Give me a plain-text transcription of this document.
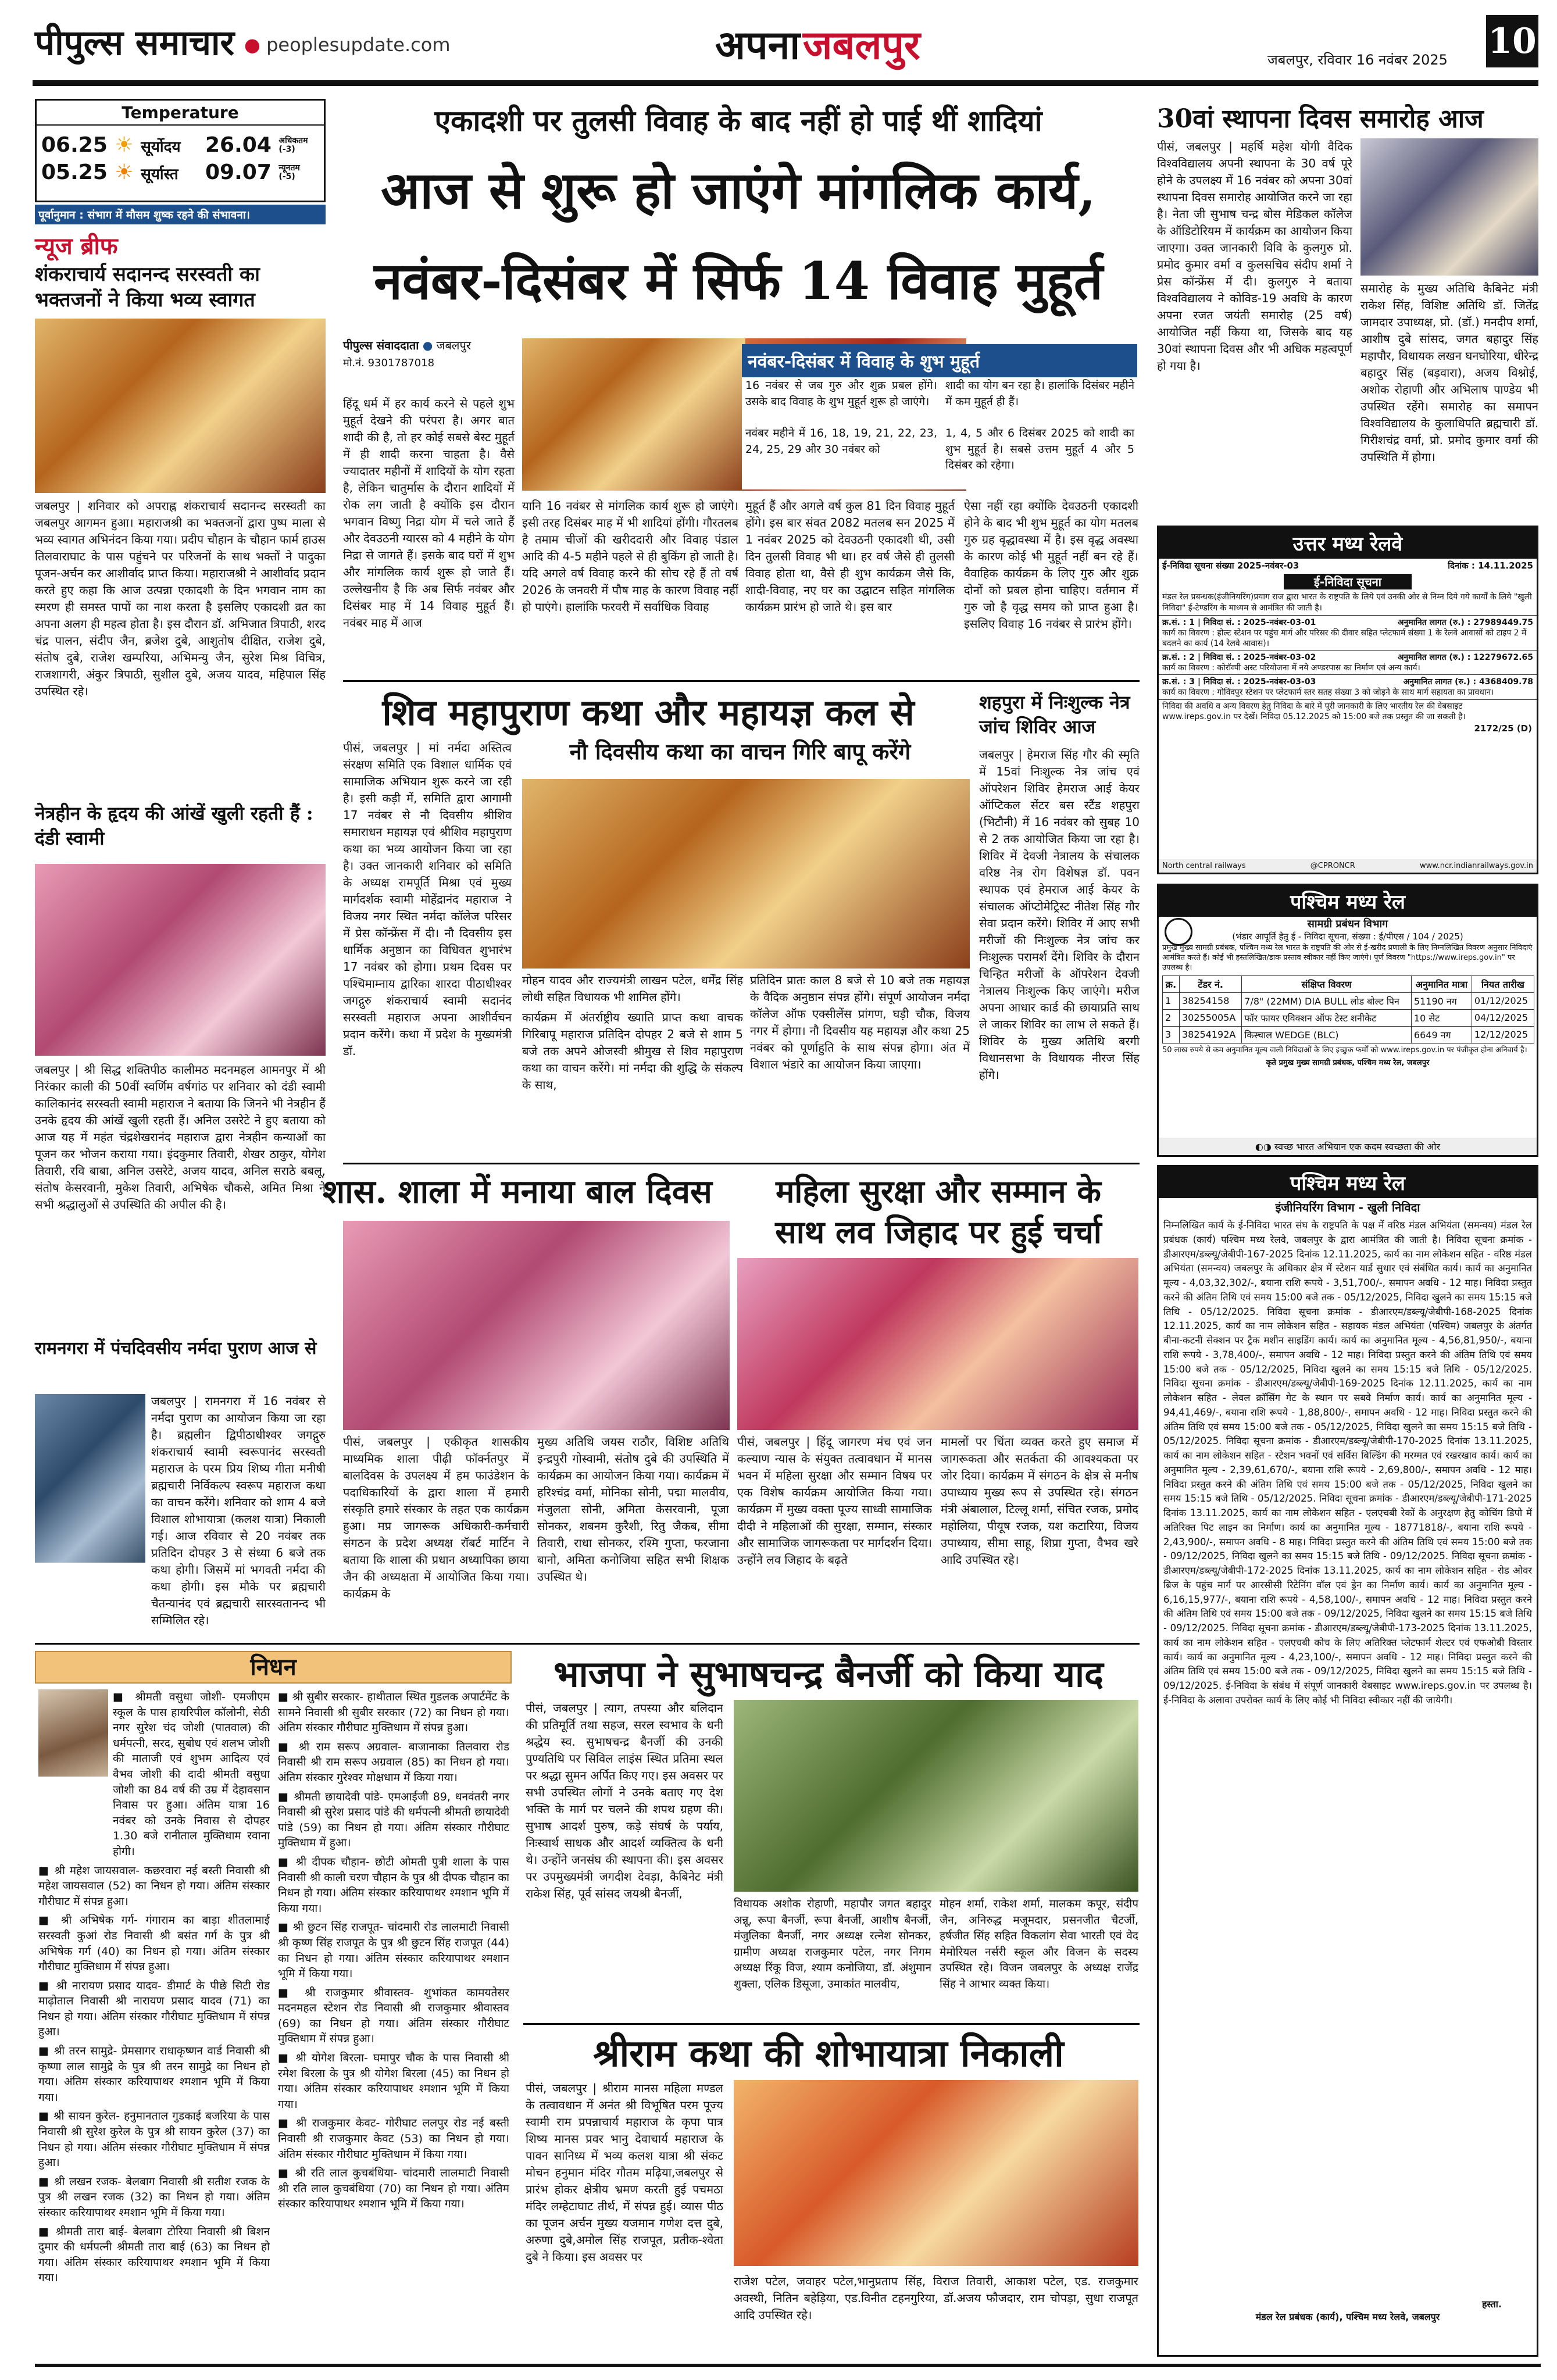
पीपुल्स समाचार ● peoplesupdate.com	अपना जबलपुर	जबलपुर, रविवार 16 नवंबर 2025 10
Temperature
06.25 ☀ सूर्योदय
05.25 ☀ सूर्यास्त
26.04 अधिकतम
(-3)
09.07 न्यूनतम
(-5)
पूर्वानुमान : संभाग में मौसम शुष्क रहने की संभावना।
न्यूज ब्रीफ
शंकराचार्य सदानन्द सरस्वती का भक्तजनों ने किया भव्य स्वागत
जबलपुर | शनिवार को अपराह्न शंकराचार्य सदानन्द सरस्वती का जबलपुर आगमन हुआ। महाराजश्री का भक्तजनों द्वारा पुष्प माला से भव्य स्वागत अभिनंदन किया गया। प्रदीप चौहान के चौहान फार्म हाउस तिलवाराघाट के पास पहुंचने पर परिजनों के साथ भक्तों ने पादुका पूजन-अर्चन कर आशीर्वाद प्राप्त किया। महाराजश्री ने आशीर्वाद प्रदान करते हुए कहा कि आज उत्पन्ना एकादशी के दिन भगवान नाम का स्मरण ही समस्त पापों का नाश करता है इसलिए एकादशी व्रत का अपना अलग ही महत्व होता है। इस दौरान डॉ. अभिजात त्रिपाठी, शरद चंद्र पालन, संदीप जैन, ब्रजेश दुबे, आशुतोष दीक्षित, राजेश दुबे, संतोष दुबे, राजेश खम्परिया, अभिमन्यु जैन, सुरेश मिश्र विचित्र, राजशागरी, अंकुर त्रिपाठी, सुशील दुबे, अजय यादव, महिपाल सिंह उपस्थित रहे।
नेत्रहीन के हृदय की आंखें खुली रहती हैं : दंडी स्वामी
जबलपुर | श्री सिद्ध शक्तिपीठ कालीमठ मदनमहल आमनपुर में श्री निरंकार काली की 50वीं स्वर्णिम वर्षगांठ पर शनिवार को दंडी स्वामी कालिकानंद सरस्वती स्वामी महाराज ने बताया कि जिनने भी नेत्रहीन हैं उनके हृदय की आंखें खुली रहती हैं। अनिल उसरेटे ने हुए बताया को आज यह में महंत चंद्रशेखरानंद महाराज द्वारा नेत्रहीन कन्याओं का पूजन कर भोजन कराया गया। इंदकुमार तिवारी, शेखर ठाकुर, योगेश तिवारी, रवि बाबा, अनिल उसरेटे, अजय यादव, अनिल सराठे बबलू, संतोष केसरवानी, मुकेश तिवारी, अभिषेक चौकसे, अमित मिश्रा ने सभी श्रद्धालुओं से उपस्थिति की अपील की है।
रामनगरा में पंचदिवसीय नर्मदा पुराण आज से
जबलपुर | रामनगरा में 16 नवंबर से नर्मदा पुराण का आयोजन किया जा रहा है। ब्रह्मलीन द्विपीठाधीश्वर जगद्गुरु शंकराचार्य स्वामी स्वरूपानंद सरस्वती महाराज के परम प्रिय शिष्य गीता मनीषी ब्रह्मचारी निर्विकल्प स्वरूप महाराज कथा का वाचन करेंगे। शनिवार को शाम 4 बजे विशाल शोभायात्रा (कलश यात्रा) निकाली गई। आज रविवार से 20 नवंबर तक प्रतिदिन दोपहर 3 से संध्या 6 बजे तक कथा होगी। जिसमें मां भगवती नर्मदा की कथा होगी। इस मौके पर ब्रह्मचारी चैतन्यानंद एवं ब्रह्मचारी सारस्वतानन्द भी सम्मिलित रहे।
एकादशी पर तुलसी विवाह के बाद नहीं हो पाई थीं शादियां
आज से शुरू हो जाएंगे मांगलिक कार्य,
नवंबर-दिसंबर में सिर्फ 14 विवाह मुहूर्त
पीपुल्स संवाददाता ● जबलपुर
मो.नं. 9301787018
हिंदू धर्म में हर कार्य करने से पहले शुभ मुहूर्त देखने की परंपरा है। अगर बात शादी की है, तो हर कोई सबसे बेस्ट मुहूर्त में ही शादी करना चाहता है। वैसे ज्यादातर महीनों में शादियों के योग रहता है, लेकिन चातुर्मास के दौरान शादियों में रोक लग जाती है क्योंकि इस दौरान भगवान विष्णु निद्रा योग में चले जाते हैं और देवउठनी ग्यारस को 4 महीने के योग निद्रा से जागते हैं। इसके बाद घरों में शुभ और मांगलिक कार्य शुरू हो जाते हैं। उल्लेखनीय है कि अब सिर्फ नवंबर और दिसंबर माह में 14 विवाह मुहूर्त हैं। नवंबर माह में आज
यानि 16 नवंबर से मांगलिक कार्य शुरू हो जाएंगे। इसी तरह दिसंबर माह में भी शादियां होंगी। गौरतलब है तमाम चीजों की खरीददारी और विवाह पंडाल आदि की 4-5 महीने पहले से ही बुकिंग हो जाती है। यदि अगले वर्ष विवाह करने की सोच रहे हैं तो वर्ष 2026 के जनवरी में पौष माह के कारण विवाह नहीं हो पाएंगे। हालांकि फरवरी में सर्वाधिक विवाह
मुहूर्त हैं और अगले वर्ष कुल 81 दिन विवाह मुहूर्त होंगे। इस बार संवत 2082 मतलब सन 2025 में 1 नवंबर 2025 को देवउठनी एकादशी थी, उसी दिन तुलसी विवाह भी था। हर वर्ष जैसे ही तुलसी विवाह होता था, वैसे ही शुभ कार्यक्रम जैसे कि, शादी-विवाह, नए घर का उद्घाटन सहित मांगलिक कार्यक्रम प्रारंभ हो जाते थे। इस बार
नवंबर-दिसंबर में विवाह के शुभ मुहूर्त
16 नवंबर से जब गुरु और शुक्र प्रबल होंगे। उसके बाद विवाह के शुभ मुहूर्त शुरू हो जाएंगे।
नवंबर महीने में 16, 18, 19, 21, 22, 23, 24, 25, 29 और 30 नवंबर को
शादी का योग बन रहा है। हालांकि दिसंबर महीने में कम मुहूर्त ही हैं।
1, 4, 5 और 6 दिसंबर 2025 को शादी का शुभ मुहूर्त है। सबसे उत्तम मुहूर्त 4 और 5 दिसंबर को रहेगा।
ऐसा नहीं रहा क्योंकि देवउठनी एकादशी होने के बाद भी शुभ मुहूर्त का योग मतलब गुरु ग्रह वृद्धावस्था में है। इस वृद्ध अवस्था के कारण कोई भी मुहूर्त नहीं बन रहे हैं। वैवाहिक कार्यक्रम के लिए गुरु और शुक्र दोनों को प्रबल होना चाहिए। वर्तमान में गुरु जो है वृद्ध समय को प्राप्त हुआ है। इसलिए विवाह 16 नवंबर से प्रारंभ होंगे।
शिव महापुराण कथा और महायज्ञ कल से
नौ दिवसीय कथा का वाचन गिरि बापू करेंगे
पीसं, जबलपुर | मां नर्मदा अस्तित्व संरक्षण समिति एक विशाल धार्मिक एवं सामाजिक अभियान शुरू करने जा रही है। इसी कड़ी में, समिति द्वारा आगामी 17 नवंबर से नौ दिवसीय श्रीशिव समाराधन महायज्ञ एवं श्रीशिव महापुराण कथा का भव्य आयोजन किया जा रहा है। उक्त जानकारी शनिवार को समिति के अध्यक्ष रामपूर्ति मिश्रा एवं मुख्य मार्गदर्शक स्वामी मोहेंद्रानंद महाराज ने विजय नगर स्थित नर्मदा कॉलेज परिसर में प्रेस कॉन्फ्रेंस में दी। नौ दिवसीय इस धार्मिक अनुष्ठान का विधिवत शुभारंभ 17 नवंबर को होगा। प्रथम दिवस पर पश्चिमाम्नाय द्वारिका शारदा पीठाधीश्वर जगद्गुरु शंकराचार्य स्वामी सदानंद सरस्वती महाराज अपना आशीर्वचन प्रदान करेंगे। कथा में प्रदेश के मुख्यमंत्री डॉ.
मोहन यादव और राज्यमंत्री लाखन पटेल, धर्मेंद्र सिंह लोधी सहित विधायक भी शामिल होंगे।
कार्यक्रम में अंतर्राष्ट्रीय ख्याति प्राप्त कथा वाचक गिरिबापू महाराज प्रतिदिन दोपहर 2 बजे से शाम 5 बजे तक अपने ओजस्वी श्रीमुख से शिव महापुराण कथा का वाचन करेंगे। मां नर्मदा की शुद्धि के संकल्प के साथ,
प्रतिदिन प्रातः काल 8 बजे से 10 बजे तक महायज्ञ के वैदिक अनुष्ठान संपन्न होंगे। संपूर्ण आयोजन नर्मदा कॉलेज ऑफ एक्सीलेंस प्रांगण, घड़ी चौक, विजय नगर में होगा। नौ दिवसीय यह महायज्ञ और कथा 25 नवंबर को पूर्णाहुति के साथ संपन्न होगा। अंत में विशाल भंडारे का आयोजन किया जाएगा।
शहपुरा में निःशुल्क नेत्र जांच शिविर आज
जबलपुर | हेमराज सिंह गौर की स्मृति में 15वां निःशुल्क नेत्र जांच एवं ऑपरेशन शिविर हेमराज आई केयर ऑप्टिकल सेंटर बस स्टैंड शहपुरा (भिटौनी) में 16 नवंबर को सुबह 10 से 2 तक आयोजित किया जा रहा है। शिविर में देवजी नेत्रालय के संचालक वरिष्ठ नेत्र रोग विशेषज्ञ डॉ. पवन स्थापक एवं हेमराज आई केयर के संचालक ऑप्टोमेट्रिस्ट नीतेश सिंह गौर सेवा प्रदान करेंगे। शिविर में आए सभी मरीजों की निःशुल्क नेत्र जांच कर निःशुल्क परामर्श देंगे। शिविर के दौरान चिन्हित मरीजों के ऑपरेशन देवजी नेत्रालय निःशुल्क किए जाएंगे। मरीज अपना आधार कार्ड की छायाप्रति साथ ले जाकर शिविर का लाभ ले सकते हैं। शिविर के मुख्य अतिथि बरगी विधानसभा के विधायक नीरज सिंह होंगे।
शास. शाला में मनाया बाल दिवस
पीसं, जबलपुर | एकीकृत शासकीय माध्यमिक शाला पीढ़ी फॉर्क्नतपुर में बालदिवस के उपलक्ष्य में हम फाउंडेशन के पदाधिकारियों के द्वारा शाला में हमारी संस्कृति हमारे संस्कार के तहत एक कार्यक्रम हुआ। मप्र जागरूक अधिकारी-कर्मचारी संगठन के प्रदेश अध्यक्ष रॉबर्ट मार्टिन ने बताया कि शाला की प्रधान अध्यापिका छाया जैन की अध्यक्षता में आयोजित किया गया। कार्यक्रम के
मुख्य अतिथि जयस राठौर, विशिष्ट अतिथि इन्द्रपुरी गोस्वामी, संतोष दुबे की उपस्थिति में कार्यक्रम का आयोजन किया गया। कार्यक्रम में हरिश्चंद्र वर्मा, मोनिका सोनी, पद्मा मालवीय, मंजुलता सोनी, अमिता केसरवानी, पूजा सोनकर, शबनम कुरैशी, रितु जैकब, सीमा तिवारी, राधा सोनकर, रश्मि गुप्ता, फरजाना बानो, अमिता कनोजिया सहित सभी शिक्षक उपस्थित थे।
महिला सुरक्षा और सम्मान के
साथ लव जिहाद पर हुई चर्चा
पीसं, जबलपुर | हिंदू जागरण मंच एवं जन कल्याण न्यास के संयुक्त तत्वावधान में मानस भवन में महिला सुरक्षा और सम्मान विषय पर एक विशेष कार्यक्रम आयोजित किया गया। कार्यक्रम में मुख्य वक्ता पूज्य साध्वी सामाजिक दीदी ने महिलाओं की सुरक्षा, सम्मान, संस्कार और सामाजिक जागरूकता पर मार्गदर्शन दिया। उन्होंने लव जिहाद के बढ़ते
मामलों पर चिंता व्यक्त करते हुए समाज में जागरूकता और सतर्कता की आवश्यकता पर जोर दिया। कार्यक्रम में संगठन के क्षेत्र से मनीष उपाध्याय मुख्य रूप से उपस्थित रहे। संगठन मंत्री अंबालाल, टिल्लू शर्मा, संचित रजक, प्रमोद महोलिया, पीयूष रजक, यश कटारिया, विजय उपाध्याय, सीमा साहू, शिप्रा गुप्ता, वैभव खरे आदि उपस्थित रहे।
निधन
■ श्रीमती वसुधा जोशी- एमजीएम स्कूल के पास हायरिपील कॉलोनी, सेठी नगर सुरेश चंद जोशी (पातवाल) की धर्मपत्नी, सरद, सुबोध एवं शलभ जोशी की माताजी एवं शुभम आदित्य एवं वैभव जोशी की दादी श्रीमती वसुधा जोशी का 84 वर्ष की उम्र में देहावसान निवास पर हुआ। अंतिम यात्रा 16 नवंबर को उनके निवास से दोपहर 1.30 बजे रानीताल मुक्तिधाम रवाना होगी।
■ श्री महेश जायसवाल- कछरवारा नई बस्ती निवासी श्री महेश जायसवाल (52) का निधन हो गया। अंतिम संस्कार गौरीघाट में संपन्न हुआ।
■ श्री अभिषेक गर्ग- गंगाराम का बाड़ा शीतलामाई सरस्वती कुआं रोड निवासी श्री बसंत गर्ग के पुत्र श्री अभिषेक गर्ग (40) का निधन हो गया। अंतिम संस्कार गौरीघाट मुक्तिधाम में संपन्न हुआ।
■ श्री नारायण प्रसाद यादव- डीमार्ट के पीछे सिटी रोड माढ़ोताल निवासी श्री नारायण प्रसाद यादव (71) का निधन हो गया। अंतिम संस्कार गौरीघाट मुक्तिधाम में संपन्न हुआ।
■ श्री तरन सामुद्रे- प्रेमसागर राधाकृष्णन वार्ड निवासी श्री कृष्णा लाल सामुद्रे के पुत्र श्री तरन सामुद्रे का निधन हो गया। अंतिम संस्कार करियापाथर श्मशान भूमि में किया गया।
■ श्री सायन कुरेल- हनुमानताल गुडकाई बजरिया के पास निवासी श्री सुरेश कुरेल के पुत्र श्री सायन कुरेल (37) का निधन हो गया। अंतिम संस्कार गौरीघाट मुक्तिधाम में संपन्न हुआ।
■ श्री लखन रजक- बेलबाग निवासी श्री सतीश रजक के पुत्र श्री लखन रजक (32) का निधन हो गया। अंतिम संस्कार करियापाथर श्मशान भूमि में किया गया।
■ श्रीमती तारा बाई- बेलबाग टोरिया निवासी श्री बिशन दुमार की धर्मपत्नी श्रीमती तारा बाई (63) का निधन हो गया। अंतिम संस्कार करियापाथर श्मशान भूमि में किया गया।
■ श्री सुबीर सरकार- हाथीताल स्थित गुडलक अपार्टमेंट के सामने निवासी श्री सुबीर सरकार (72) का निधन हो गया। अंतिम संस्कार गौरीघाट मुक्तिधाम में संपन्न हुआ।
■ श्री राम सरूप अग्रवाल- बाजानाका तिलवारा रोड निवासी श्री राम सरूप अग्रवाल (85) का निधन हो गया। अंतिम संस्कार गुरेश्वर मोक्षधाम में किया गया।
■ श्रीमती छायादेवी पांडे- एमआईजी 89, धनवंतरी नगर निवासी श्री सुरेश प्रसाद पांडे की धर्मपत्नी श्रीमती छायादेवी पांडे (59) का निधन हो गया। अंतिम संस्कार गौरीघाट मुक्तिधाम में हुआ।
■ श्री दीपक चौहान- छोटी ओमती पुत्री शाला के पास निवासी श्री काली चरण चौहान के पुत्र श्री दीपक चौहान का निधन हो गया। अंतिम संस्कार करियापाथर श्मशान भूमि में किया गया।
■ श्री छुटन सिंह राजपूत- चांदमारी रोड लालमाटी निवासी श्री कृष्ण सिंह राजपूत के पुत्र श्री छुटन सिंह राजपूत (44) का निधन हो गया। अंतिम संस्कार करियापाथर श्मशान भूमि में किया गया।
■ श्री राजकुमार श्रीवास्तव- शुभांकत कामयतेसर मदनमहल स्टेशन रोड निवासी श्री राजकुमार श्रीवास्तव (69) का निधन हो गया। अंतिम संस्कार गौरीघाट मुक्तिधाम में संपन्न हुआ।
■ श्री योगेश बिरला- घमापुर चौक के पास निवासी श्री रमेश बिरला के पुत्र श्री योगेश बिरला (45) का निधन हो गया। अंतिम संस्कार करियापाथर श्मशान भूमि में किया गया।
■ श्री राजकुमार केवट- गोरीघाट ललपुर रोड नई बस्ती निवासी श्री राजकुमार केवट (53) का निधन हो गया। अंतिम संस्कार गौरीघाट मुक्तिधाम में किया गया।
■ श्री रति लाल कुचबंधिया- चांदमारी लालमाटी निवासी श्री रति लाल कुचबंधिया (70) का निधन हो गया। अंतिम संस्कार करियापाथर श्मशान भूमि में किया गया।
भाजपा ने सुभाषचन्द्र बैनर्जी को किया याद
पीसं, जबलपुर | त्याग, तपस्या और बलिदान की प्रतिमूर्ति तथा सहज, सरल स्वभाव के धनी श्रद्धेय स्व. सुभाषचन्द्र बैनर्जी की उनकी पुण्यतिथि पर सिविल लाइंस स्थित प्रतिमा स्थल पर श्रद्धा सुमन अर्पित किए गए। इस अवसर पर सभी उपस्थित लोगों ने उनके बताए गए देश भक्ति के मार्ग पर चलने की शपथ ग्रहण की। सुभाष आदर्श पुरुष, कड़े संघर्ष के पर्याय, निःस्वार्थ साधक और आदर्श व्यक्तित्व के धनी थे। उन्होंने जनसंघ की स्थापना की। इस अवसर पर उपमुख्यमंत्री जगदीश देवड़ा, कैबिनेट मंत्री राकेश सिंह, पूर्व सांसद जयश्री बैनर्जी,
विधायक अशोक रोहाणी, महापौर जगत बहादुर अन्नू, रूपा बैनर्जी, रूपा बैनर्जी, आशीष बैनर्जी, मंजुलिका बैनर्जी, नगर अध्यक्ष रत्नेश सोनकर, ग्रामीण अध्यक्ष राजकुमार पटेल, नगर निगम अध्यक्ष रिंकू विज, श्याम कनोजिया, डॉ. अंशुमान शुक्ला, एलिक डिसूजा, उमाकांत मालवीय,
मोहन शर्मा, राकेश शर्मा, मालकम कपूर, संदीप जैन, अनिरुद्ध मजूमदार, प्रसनजीत चैटर्जी, हर्षजीत सिंह सहित विकलांग सेवा भारती एवं वेद मेमोरियल नर्सरी स्कूल और विजन के सदस्य उपस्थित रहे। विजन जबलपुर के अध्यक्ष राजेंद्र सिंह ने आभार व्यक्त किया।
श्रीराम कथा की शोभायात्रा निकाली
पीसं, जबलपुर | श्रीराम मानस महिला मण्डल के तत्वावधान में अनंत श्री विभूषित परम पूज्य स्वामी राम प्रपन्नाचार्य महाराज के कृपा पात्र शिष्य मानस प्रवर भानु देवाचार्य महाराज के पावन सानिध्य में भव्य कलश यात्रा श्री संकट मोचन हनुमान मंदिर गौतम मढ़िया,जबलपुर से प्रारंभ होकर क्षेत्रीय भ्रमण करती हुई पचमठा मंदिर लम्हेटाघाट तीर्थ, में संपन्न हुई। व्यास पीठ का पूजन अर्चन मुख्य यजमान गणेश दत्त दुबे, अरुणा दुबे,अमोल सिंह राजपूत, प्रतीक-श्वेता दुबे ने किया। इस अवसर पर
राजेश पटेल, जवाहर पटेल,भानुप्रताप सिंह, विराज तिवारी, आकाश पटेल, एड. राजकुमार अवस्थी, नितिन बहेड़िया, एड.विनीत टहनगुरिया, डॉ.अजय फौजदार, राम चोपड़ा, सुधा राजपूत आदि उपस्थित रहे।
30वां स्थापना दिवस समारोह आज
पीसं, जबलपुर | महर्षि महेश योगी वैदिक विश्वविद्यालय अपनी स्थापना के 30 वर्ष पूरे होने के उपलक्ष्य में 16 नवंबर को अपना 30वां स्थापना दिवस समारोह आयोजित करने जा रहा है। नेता जी सुभाष चन्द्र बोस मेडिकल कॉलेज के ऑडिटोरियम में कार्यक्रम का आयोजन किया जाएगा। उक्त जानकारी विवि के कुलगुरु प्रो. प्रमोद कुमार वर्मा व कुलसचिव संदीप शर्मा ने प्रेस कॉन्फ्रेंस में दी। कुलगुरु ने बताया विश्वविद्यालय ने कोविड-19 अवधि के कारण अपना रजत जयंती समारोह (25 वर्ष) आयोजित नहीं किया था, जिसके बाद यह 30वां स्थापना दिवस और भी अधिक महत्वपूर्ण हो गया है।
समारोह के मुख्य अतिथि कैबिनेट मंत्री राकेश सिंह, विशिष्ट अतिथि डॉ. जितेंद्र जामदार उपाध्यक्ष, प्रो. (डॉ.) मनदीप शर्मा, आशीष दुबे सांसद, जगत बहादुर सिंह महापौर, विधायक लखन घनघोरिया, धीरेन्द्र बहादुर सिंह (बड़वारा), अजय विश्नोई, अशोक रोहाणी और अभिलाष पाण्डेय भी उपस्थित रहेंगे। समारोह का समापन विश्वविद्यालय के कुलाधिपति ब्रह्मचारी डॉ. गिरीशचंद्र वर्मा, प्रो. प्रमोद कुमार वर्मा की उपस्थिति में होगा।
उत्तर मध्य रेलवे
ई-निविदा सूचना संख्या 2025-नवंबर-03	दिनांक : 14.11.2025
ई-निविदा सूचना
मंडल रेल प्रबन्धक(इंजीनियरिंग)प्रयाग राज द्वारा भारत के राष्ट्रपति के लिये एवं उनकी ओर से निम्न दिये गये कार्यों के लिये "खुली निविदा" ई-टेण्डरिंग के माध्यम से आमंत्रित की जाती है।
क्र.सं. : 1 | निविदा सं. : 2025-नवंबर-03-01	अनुमानित लागत (रु.) : 27989449.75
कार्य का विवरण : होल्ट स्टेशन पर पहुंच मार्ग और परिसर की दीवार सहित प्लेटफार्म संख्या 1 के रेलवे आवासों को टाइप 2 में बदलने का कार्य (14 रेलवे आवास)।
क्र.सं. : 2 | निविदा सं. : 2025-नवंबर-03-02	अनुमानित लागत (रु.) : 12279672.65
कार्य का विवरण : कोरॉव्पी अस्ट परियोजना में नये अण्डरपास का निर्माण एवं अन्य कार्य।
क्र.सं. : 3 | निविदा सं. : 2025-नवंबर-03-03	अनुमानित लागत (रु.) : 4368409.78
कार्य का विवरण : गोविंदपुर स्टेशन पर प्लेटफार्म स्तर सतह संख्या 3 को जोड़ने के साथ मार्ग सहायता का प्रावधान।
निविदा की अवधि व अन्य विवरण हेतु निविदा के बारे में पूरी जानकारी के लिए भारतीय रेल की वेबसाइट www.ireps.gov.in पर देखें। निविदा 05.12.2025 को 15:00 बजे तक प्रस्तुत की जा सकती है।
2172/25 (D)
North central railways	@CPRONCR	www.ncr.indianrailways.gov.in
पश्चिम मध्य रेल
सामग्री प्रबंधन विभाग
(भंडार आपूर्ति हेतु ई - निविदा सूचना, संख्या : ई/पीएस / 104 / 2025)
प्रमुख मुख्य सामग्री प्रबंधक, पश्चिम मध्य रेल भारत के राष्ट्रपति की ओर से ई-खरीद प्रणाली के लिए निम्नलिखित विवरण अनुसार निविदाएं आमंत्रित करते हैं। कोई भी हस्तलिखित/डाक प्रस्ताव स्वीकार नहीं किए जाएंगे। पूर्ण विवरण "https://www.ireps.gov.in" पर उपलब्ध है।
क्र.	टेंडर नं.	संक्षिप्त विवरण	अनुमानित मात्रा	नियत तारीख
1	38254158	7/8" (22MM) DIA BULL लोड बोल्ट पिन	51190 नग	01/12/2025
2	30255005A	फॉर फायर एविक्शन ऑफ टेस्ट शनीकेट	10 सेट	04/12/2025
3	38254192A	किस्चाल WEDGE (BLC)	6649 नग	12/12/2025
50 लाख रुपये से कम अनुमानित मूल्य वाली निविदाओं के लिए इच्छुक फर्मों को www.ireps.gov.in पर पंजीकृत होना अनिवार्य है।
कृते प्रमुख मुख्य सामग्री प्रबंधक, पश्चिम मध्य रेल, जबलपुर
◐◑ स्वच्छ भारत अभियान एक कदम स्वच्छता की ओर
पश्चिम मध्य रेल
इंजीनियरिंग विभाग - खुली निविदा
निम्नलिखित कार्य के ई-निविदा भारत संघ के राष्ट्रपति के पक्ष में वरिष्ठ मंडल अभियंता (समन्वय) मंडल रेल प्रबंधक (कार्य) पश्चिम मध्य रेलवे, जबलपुर के द्वारा आमंत्रित की जाती है। निविदा सूचना क्रमांक - डीआरएम/डब्ल्यू/जेबीपी-167-2025 दिनांक 12.11.2025, कार्य का नाम लोकेशन सहित - वरिष्ठ मंडल अभियंता (समन्वय) जबलपुर के अधिकार क्षेत्र में स्टेशन यार्ड सुधार एवं संबंधित कार्य। कार्य का अनुमानित मूल्य - 4,03,32,302/-, बयाना राशि रूपये - 3,51,700/-, समापन अवधि - 12 माह। निविदा प्रस्तुत करने की अंतिम तिथि एवं समय 15:00 बजे तक - 05/12/2025, निविदा खुलने का समय 15:15 बजे तिथि - 05/12/2025. निविदा सूचना क्रमांक - डीआरएम/डब्ल्यू/जेबीपी-168-2025 दिनांक 12.11.2025, कार्य का नाम लोकेशन सहित - सहायक मंडल अभियंता (पश्चिम) जबलपुर के अंतर्गत बीना-कटनी सेक्शन पर ट्रैक मशीन साइडिंग कार्य। कार्य का अनुमानित मूल्य - 4,56,81,950/-, बयाना राशि रूपये - 3,78,400/-, समापन अवधि - 12 माह। निविदा प्रस्तुत करने की अंतिम तिथि एवं समय 15:00 बजे तक - 05/12/2025, निविदा खुलने का समय 15:15 बजे तिथि - 05/12/2025. निविदा सूचना क्रमांक - डीआरएम/डब्ल्यू/जेबीपी-169-2025 दिनांक 12.11.2025, कार्य का नाम लोकेशन सहित - लेवल क्रॉसिंग गेट के स्थान पर सबवे निर्माण कार्य। कार्य का अनुमानित मूल्य - 94,41,469/-, बयाना राशि रूपये - 1,88,800/-, समापन अवधि - 12 माह। निविदा प्रस्तुत करने की अंतिम तिथि एवं समय 15:00 बजे तक - 05/12/2025, निविदा खुलने का समय 15:15 बजे तिथि - 05/12/2025. निविदा सूचना क्रमांक - डीआरएम/डब्ल्यू/जेबीपी-170-2025 दिनांक 13.11.2025, कार्य का नाम लोकेशन सहित - स्टेशन भवनों एवं सर्विस बिल्डिंग की मरम्मत एवं रखरखाव कार्य। कार्य का अनुमानित मूल्य - 2,39,61,670/-, बयाना राशि रूपये - 2,69,800/-, समापन अवधि - 12 माह। निविदा प्रस्तुत करने की अंतिम तिथि एवं समय 15:00 बजे तक - 05/12/2025, निविदा खुलने का समय 15:15 बजे तिथि - 05/12/2025. निविदा सूचना क्रमांक - डीआरएम/डब्ल्यू/जेबीपी-171-2025 दिनांक 13.11.2025, कार्य का नाम लोकेशन सहित - एलएचबी रेकों के अनुरक्षण हेतु कोचिंग डिपो में अतिरिक्त पिट लाइन का निर्माण। कार्य का अनुमानित मूल्य - 18771818/-, बयाना राशि रूपये - 2,43,900/-, समापन अवधि - 8 माह। निविदा प्रस्तुत करने की अंतिम तिथि एवं समय 15:00 बजे तक - 09/12/2025, निविदा खुलने का समय 15:15 बजे तिथि - 09/12/2025. निविदा सूचना क्रमांक - डीआरएम/डब्ल्यू/जेबीपी-172-2025 दिनांक 13.11.2025, कार्य का नाम लोकेशन सहित - रोड ओवर ब्रिज के पहुंच मार्ग पर आरसीसी रिटेनिंग वॉल एवं ड्रेन का निर्माण कार्य। कार्य का अनुमानित मूल्य - 6,16,15,977/-, बयाना राशि रूपये - 4,58,100/-, समापन अवधि - 12 माह। निविदा प्रस्तुत करने की अंतिम तिथि एवं समय 15:00 बजे तक - 09/12/2025, निविदा खुलने का समय 15:15 बजे तिथि - 09/12/2025. निविदा सूचना क्रमांक - डीआरएम/डब्ल्यू/जेबीपी-173-2025 दिनांक 13.11.2025, कार्य का नाम लोकेशन सहित - एलएचबी कोच के लिए अतिरिक्त प्लेटफार्म शेल्टर एवं एफओबी विस्तार कार्य। कार्य का अनुमानित मूल्य - 4,23,100/-, समापन अवधि - 12 माह। निविदा प्रस्तुत करने की अंतिम तिथि एवं समय 15:00 बजे तक - 09/12/2025, निविदा खुलने का समय 15:15 बजे तिथि - 09/12/2025. ई-निविदा के संबंध में संपूर्ण जानकारी वेबसाइट www.ireps.gov.in पर उपलब्ध है। ई-निविदा के अलावा उपरोक्त कार्य के लिए कोई भी निविदा स्वीकार नहीं की जायेगी।
हस्ता.
मंडल रेल प्रबंधक (कार्य), पश्चिम मध्य रेलवे, जबलपुर
